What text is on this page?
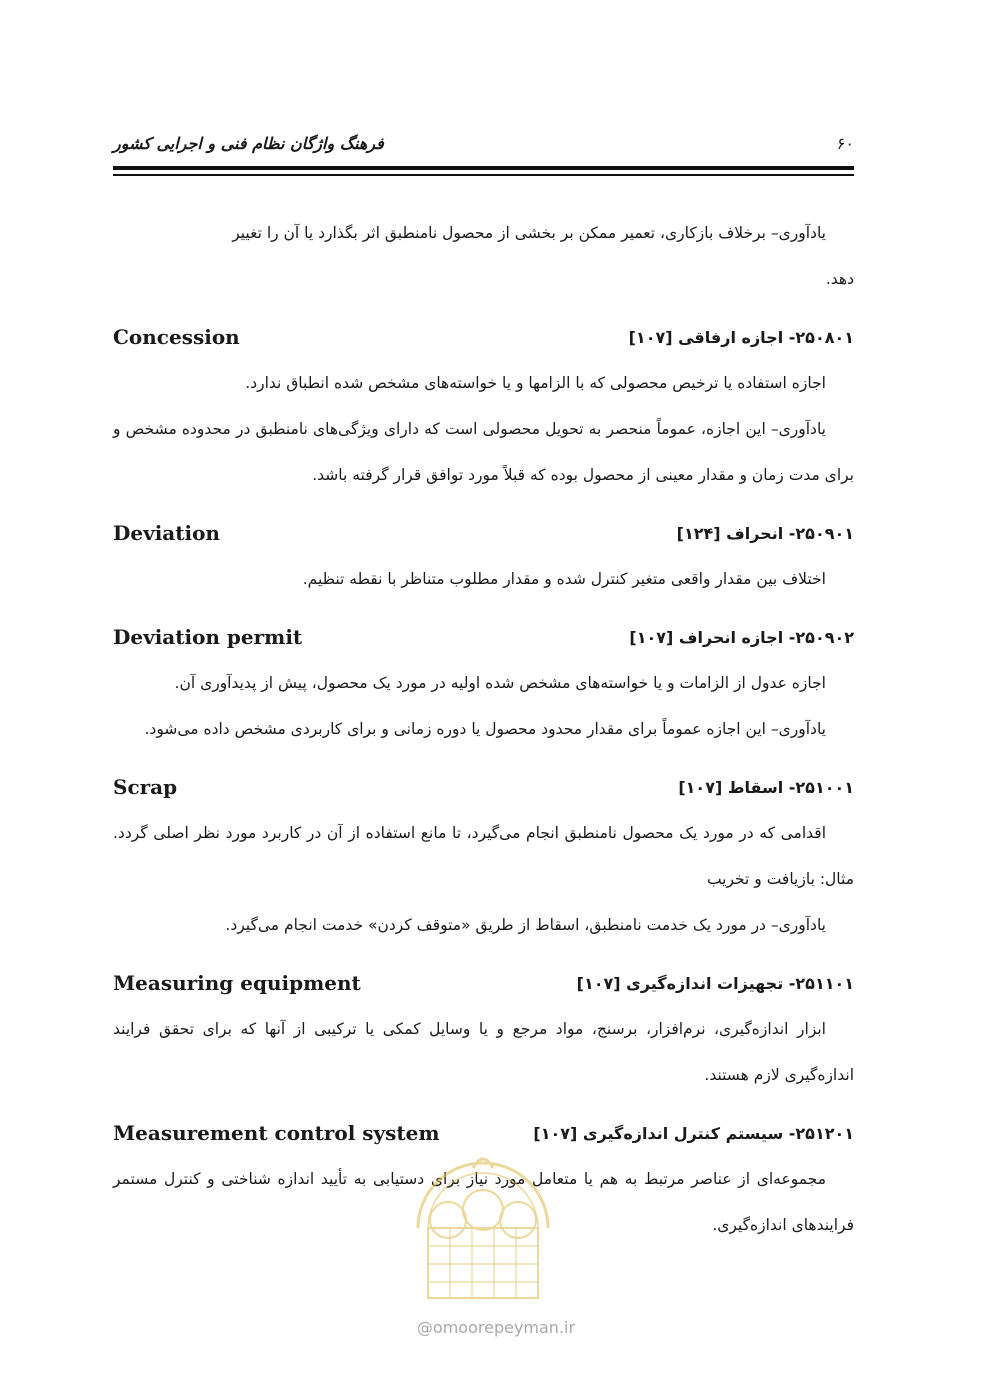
فرهنگ واژگان نظام فنی و اجرایی کشور	۶۰

یادآوری– برخلاف بازکاری، تعمیر ممکن بر بخشی از محصول نامنطبق اثر بگذارد یا آن را تغییر
دهد.

۲۵۰۸۰۱- اجازه ارفاقی [۱۰۷]
Concession

اجازه استفاده یا ترخیص محصولی که با الزامها و یا خواسته‌های مشخص شده انطباق ندارد.

یادآوری– این اجازه، عموماً منحصر به تحویل محصولی است که دارای ویژگی‌های نامنطبق در محدوده مشخص و برای مدت زمان و مقدار معینی از محصول بوده که قبلاً مورد توافق قرار گرفته باشد.

۲۵۰۹۰۱- انحراف [۱۲۴]
Deviation

اختلاف بین مقدار واقعی متغیر کنترل شده و مقدار مطلوب متناظر با نقطه تنظیم.

۲۵۰۹۰۲- اجازه انحراف [۱۰۷]
Deviation permit

اجازه عدول از الزامات و یا خواسته‌های مشخص شده اولیه در مورد یک محصول، پیش از پدیدآوری آن.

یادآوری– این اجازه عموماً برای مقدار محدود محصول یا دوره زمانی و برای کاربردی مشخص داده می‌شود.

۲۵۱۰۰۱- اسقاط [۱۰۷]
Scrap

اقدامی که در مورد یک محصول نامنطبق انجام می‌گیرد، تا مانع استفاده از آن در کاربرد مورد نظر اصلی گردد. مثال: بازیافت و تخریب

یادآوری– در مورد یک خدمت نامنطبق، اسقاط از طریق «متوقف کردن» خدمت انجام می‌گیرد.

۲۵۱۱۰۱- تجهیزات اندازه‌گیری [۱۰۷]
Measuring equipment

ابزار اندازه‌گیری، نرم‌افزار، برسنج، مواد مرجع و یا وسایل کمکی یا ترکیبی از آنها که برای تحقق فرایند اندازه‌گیری لازم هستند.

۲۵۱۲۰۱- سیستم کنترل اندازه‌گیری [۱۰۷]
Measurement control system

مجموعه‌ای از عناصر مرتبط به هم یا متعامل مورد نیاز برای دستیابی به تأیید اندازه شناختی و کنترل مستمر فرایندهای اندازه‌گیری.

@omoorepeyman.ir
